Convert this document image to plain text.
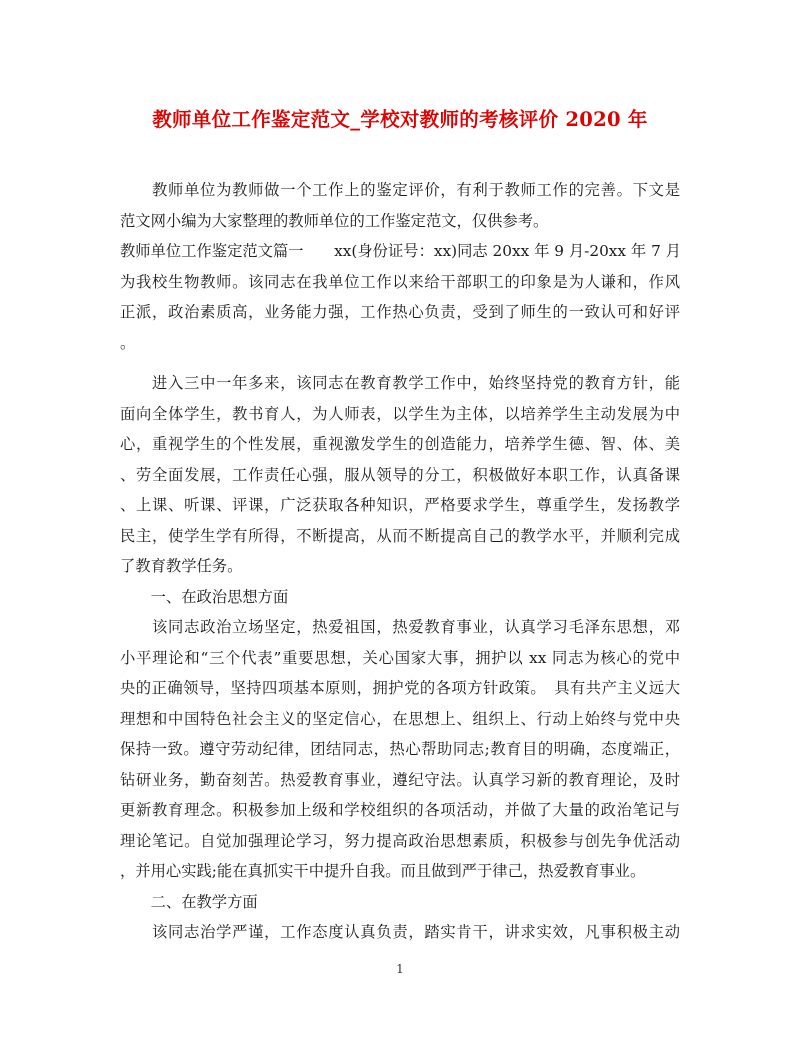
教师单位工作鉴定范文_学校对教师的考核评价 2020 年
　　教师单位为教师做一个工作上的鉴定评价，有利于教师工作的完善。下文是
范文网小编为大家整理的教师单位的工作鉴定范文，仅供参考。
教师单位工作鉴定范文篇一　　xx(身份证号：xx)同志 20xx 年 9 月-20xx 年 7 月
为我校生物教师。该同志在我单位工作以来给干部职工的印象是为人谦和，作风
正派，政治素质高，业务能力强，工作热心负责，受到了师生的一致认可和好评
。
　　进入三中一年多来，该同志在教育教学工作中，始终坚持党的教育方针，能
面向全体学生，教书育人，为人师表，以学生为主体，以培养学生主动发展为中
心，重视学生的个性发展，重视激发学生的创造能力，培养学生德、智、体、美
、劳全面发展，工作责任心强，服从领导的分工，积极做好本职工作，认真备课
、上课、听课、评课，广泛获取各种知识，严格要求学生，尊重学生，发扬教学
民主，使学生学有所得，不断提高，从而不断提高自己的教学水平，并顺利完成
了教育教学任务。
　　一、在政治思想方面
　　该同志政治立场坚定，热爱祖国，热爱教育事业，认真学习毛泽东思想，邓
小平理论和“三个代表”重要思想，关心国家大事，拥护以 xx 同志为核心的党中
央的正确领导，坚持四项基本原则，拥护党的各项方针政策。　具有共产主义远大
理想和中国特色社会主义的坚定信心，在思想上、组织上、行动上始终与党中央
保持一致。遵守劳动纪律，团结同志，热心帮助同志;教育目的明确，态度端正，
钻研业务，勤奋刻苦。热爱教育事业，遵纪守法。认真学习新的教育理论，及时
更新教育理念。积极参加上级和学校组织的各项活动，并做了大量的政治笔记与
理论笔记。自觉加强理论学习，努力提高政治思想素质，积极参与创先争优活动
，并用心实践;能在真抓实干中提升自我。而且做到严于律己，热爱教育事业。
　　二、在教学方面
　　该同志治学严谨，工作态度认真负责，踏实肯干，讲求实效，凡事积极主动
1
